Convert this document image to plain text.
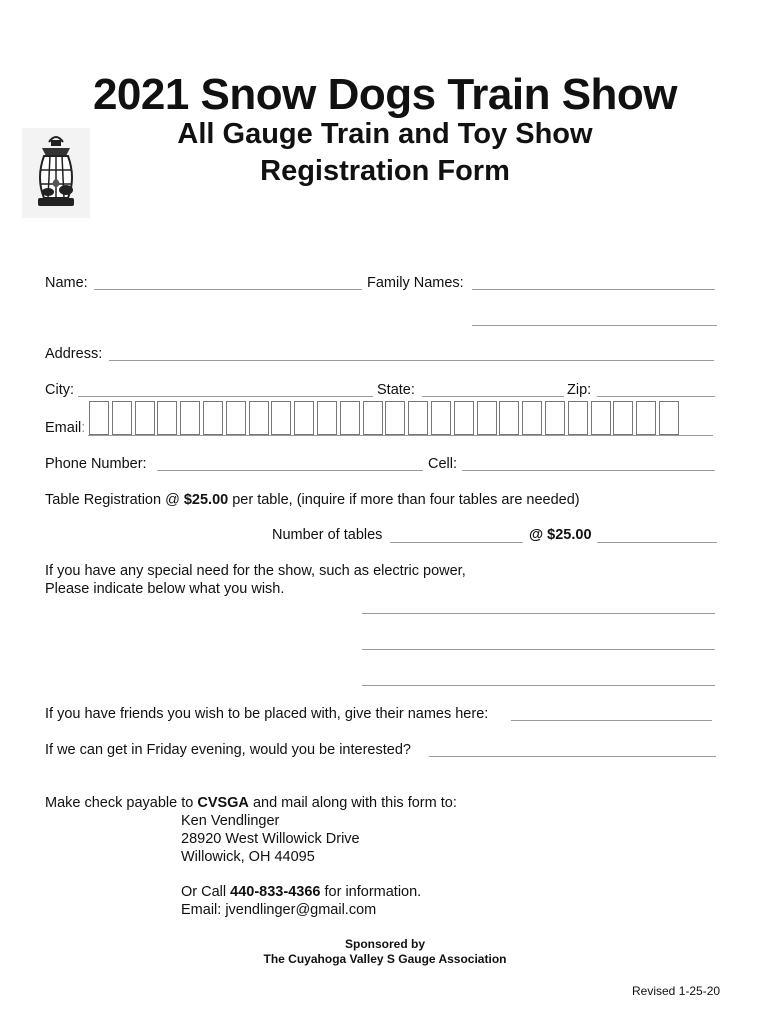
2021 Snow Dogs Train Show
All Gauge Train and Toy Show
Registration Form
Name:	Family Names:
Address:
City:	State:	Zip:
Email:
Phone Number:	Cell:
Table Registration @ $25.00 per table, (inquire if more than four tables are needed)
Number of tables	@ $25.00
If you have any special need for the show, such as electric power,
Please indicate below what you wish.
If you have friends you wish to be placed with, give their names here:
If we can get in Friday evening, would you be interested?
Make check payable to CVSGA and mail along with this form to:
Ken Vendlinger
28920 West Willowick Drive
Willowick, OH 44095
Or Call 440-833-4366 for information.
Email: jvendlinger@gmail.com
Sponsored by
The Cuyahoga Valley S Gauge Association
Revised 1-25-20
